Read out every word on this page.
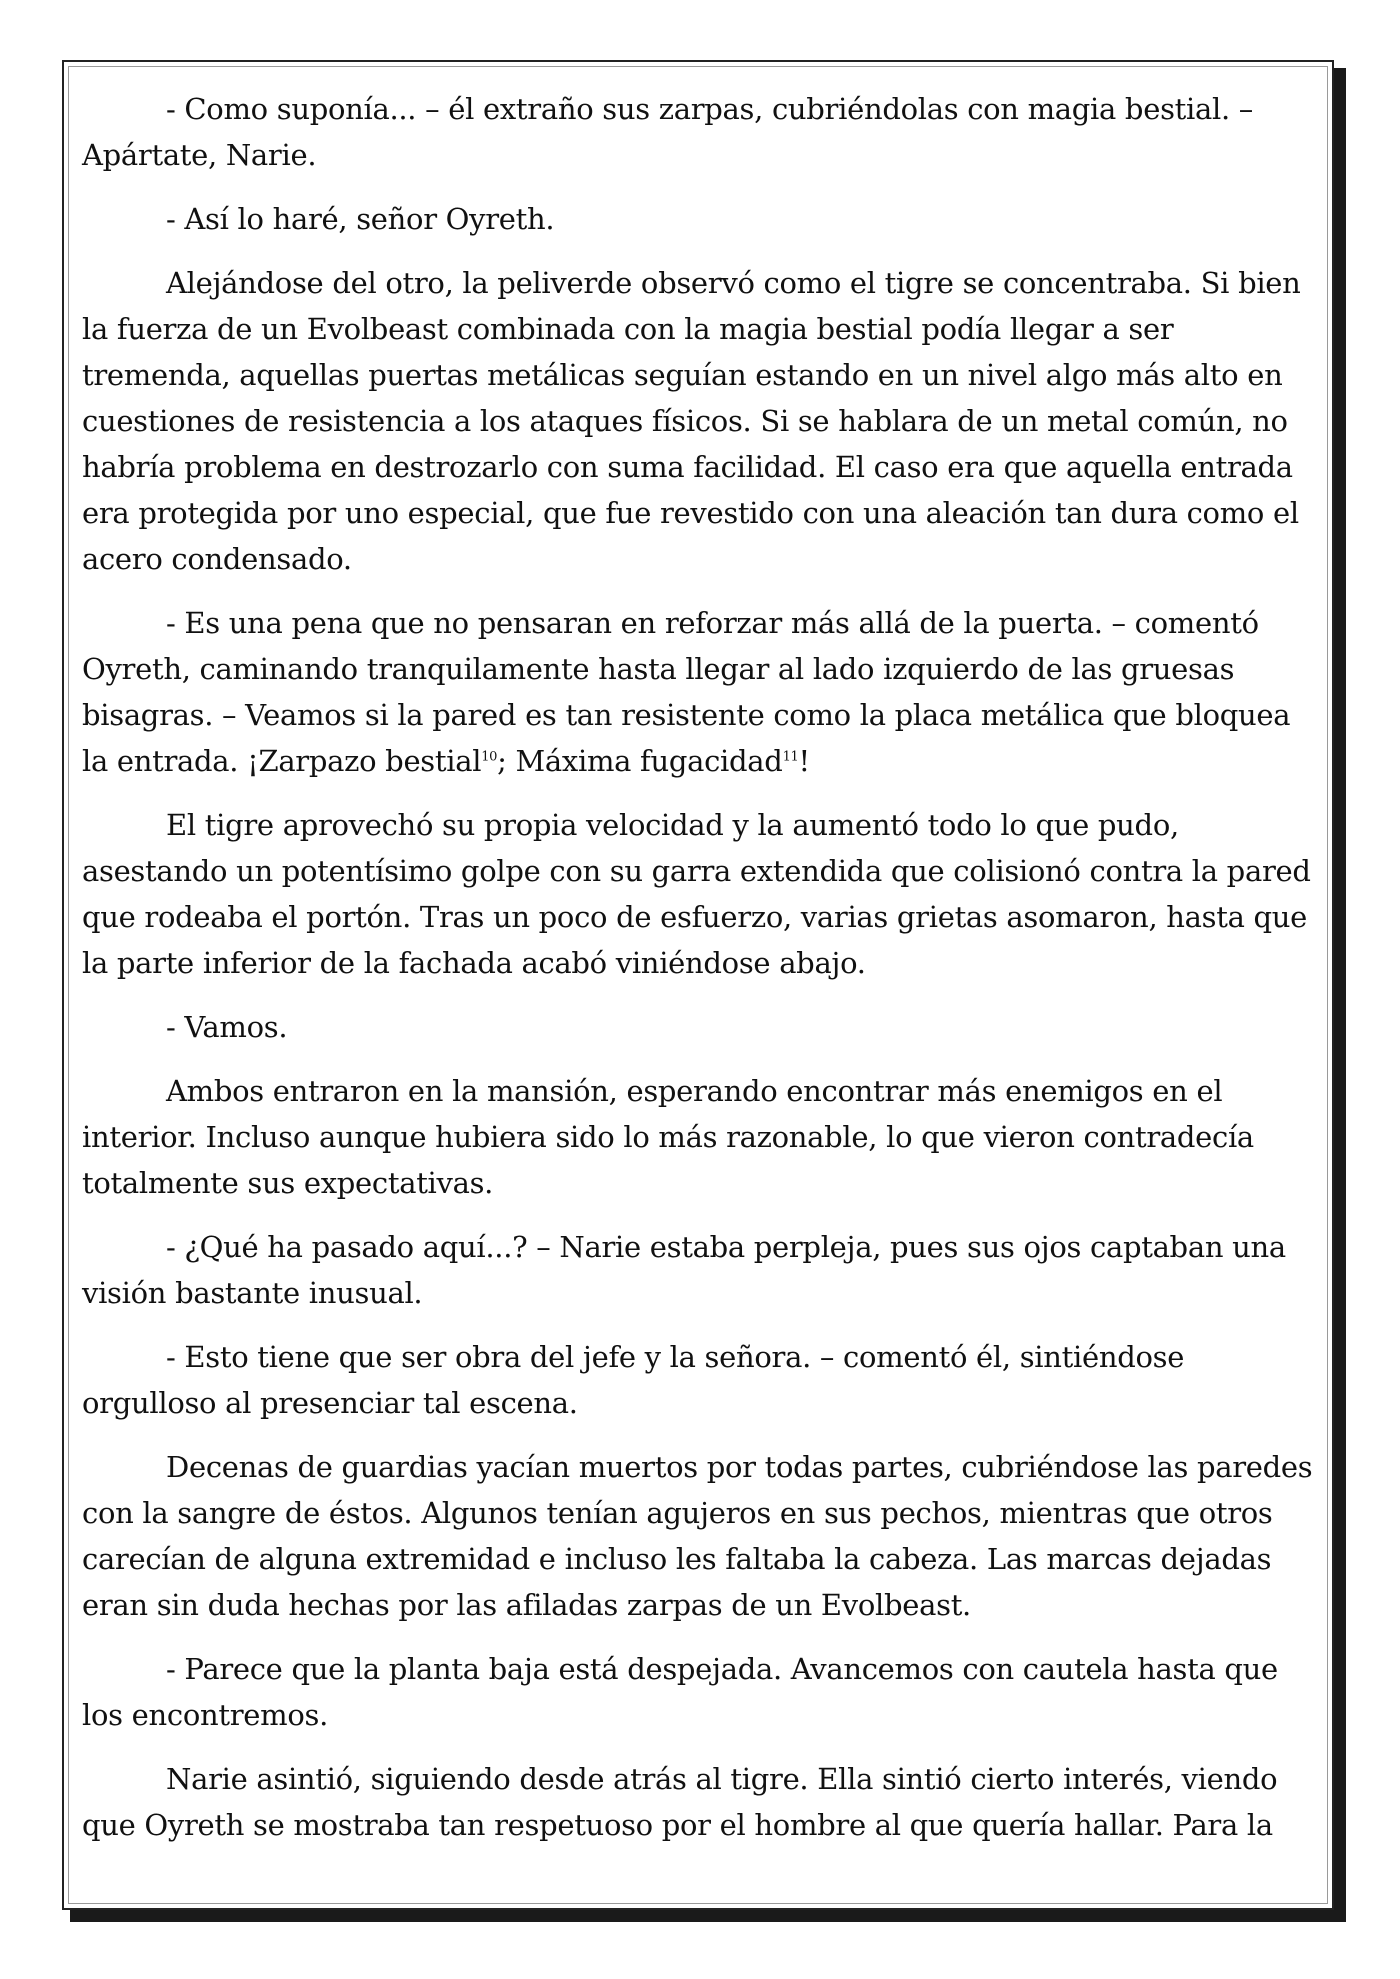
- Como suponía... – él extraño sus zarpas, cubriéndolas con magia bestial. – Apártate, Narie.

- Así lo haré, señor Oyreth.

Alejándose del otro, la peliverde observó como el tigre se concentraba. Si bien la fuerza de un Evolbeast combinada con la magia bestial podía llegar a ser tremenda, aquellas puertas metálicas seguían estando en un nivel algo más alto en cuestiones de resistencia a los ataques físicos. Si se hablara de un metal común, no habría problema en destrozarlo con suma facilidad. El caso era que aquella entrada era protegida por uno especial, que fue revestido con una aleación tan dura como el acero condensado.

- Es una pena que no pensaran en reforzar más allá de la puerta. – comentó Oyreth, caminando tranquilamente hasta llegar al lado izquierdo de las gruesas bisagras. – Veamos si la pared es tan resistente como la placa metálica que bloquea la entrada. ¡Zarpazo bestial$^{10}$; Máxima fugacidad$^{11}$!

El tigre aprovechó su propia velocidad y la aumentó todo lo que pudo, asestando un potentísimo golpe con su garra extendida que colisionó contra la pared que rodeaba el portón. Tras un poco de esfuerzo, varias grietas asomaron, hasta que la parte inferior de la fachada acabó viniéndose abajo.

- Vamos.

Ambos entraron en la mansión, esperando encontrar más enemigos en el interior. Incluso aunque hubiera sido lo más razonable, lo que vieron contradecía totalmente sus expectativas.

- ¿Qué ha pasado aquí...? – Narie estaba perpleja, pues sus ojos captaban una visión bastante inusual.

- Esto tiene que ser obra del jefe y la señora. – comentó él, sintiéndose orgulloso al presenciar tal escena.

Decenas de guardias yacían muertos por todas partes, cubriéndose las paredes con la sangre de éstos. Algunos tenían agujeros en sus pechos, mientras que otros carecían de alguna extremidad e incluso les faltaba la cabeza. Las marcas dejadas eran sin duda hechas por las afiladas zarpas de un Evolbeast.

- Parece que la planta baja está despejada. Avancemos con cautela hasta que los encontremos.

Narie asintió, siguiendo desde atrás al tigre. Ella sintió cierto interés, viendo que Oyreth se mostraba tan respetuoso por el hombre al que quería hallar. Para la
